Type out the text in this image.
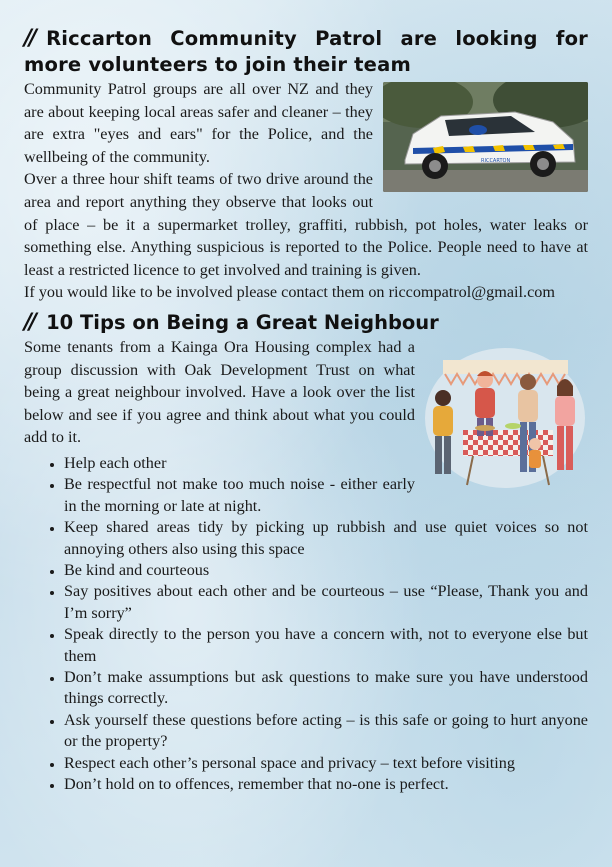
// Riccarton Community Patrol are looking for more volunteers to join their team
RICCARTON

Community Patrol groups are all over NZ and they are about keeping local areas safer and cleaner – they are extra "eyes and ears" for the Police, and the wellbeing of the community.

Over a three hour shift teams of two drive around the area and report anything they observe that looks out of place – be it a supermarket trolley, graffiti, rubbish, pot holes, water leaks or something else. Anything suspicious is reported to the Police. People need to have at least a restricted licence to get involved and training is given.

If you would like to be involved please contact them on riccompatrol@gmail.com

// 10 Tips on Being a Great Neighbour

Some tenants from a Kainga Ora Housing complex had a group discussion with Oak Development Trust on what being a great neighbour involved. Have a look over the list below and see if you agree and think about what you could add to it.

• Help each other
• Be respectful not make too much noise - either early in the morning or late at night.
• Keep shared areas tidy by picking up rubbish and use quiet voices so not annoying others also using this space
• Be kind and courteous
• Say positives about each other and be courteous – use “Please, Thank you and I’m sorry”
• Speak directly to the person you have a concern with, not to everyone else but them
• Don’t make assumptions but ask questions to make sure you have understood things correctly.
• Ask yourself these questions before acting – is this safe or going to hurt anyone or the property?
• Respect each other’s personal space and privacy – text before visiting
• Don’t hold on to offences, remember that no-one is perfect.
